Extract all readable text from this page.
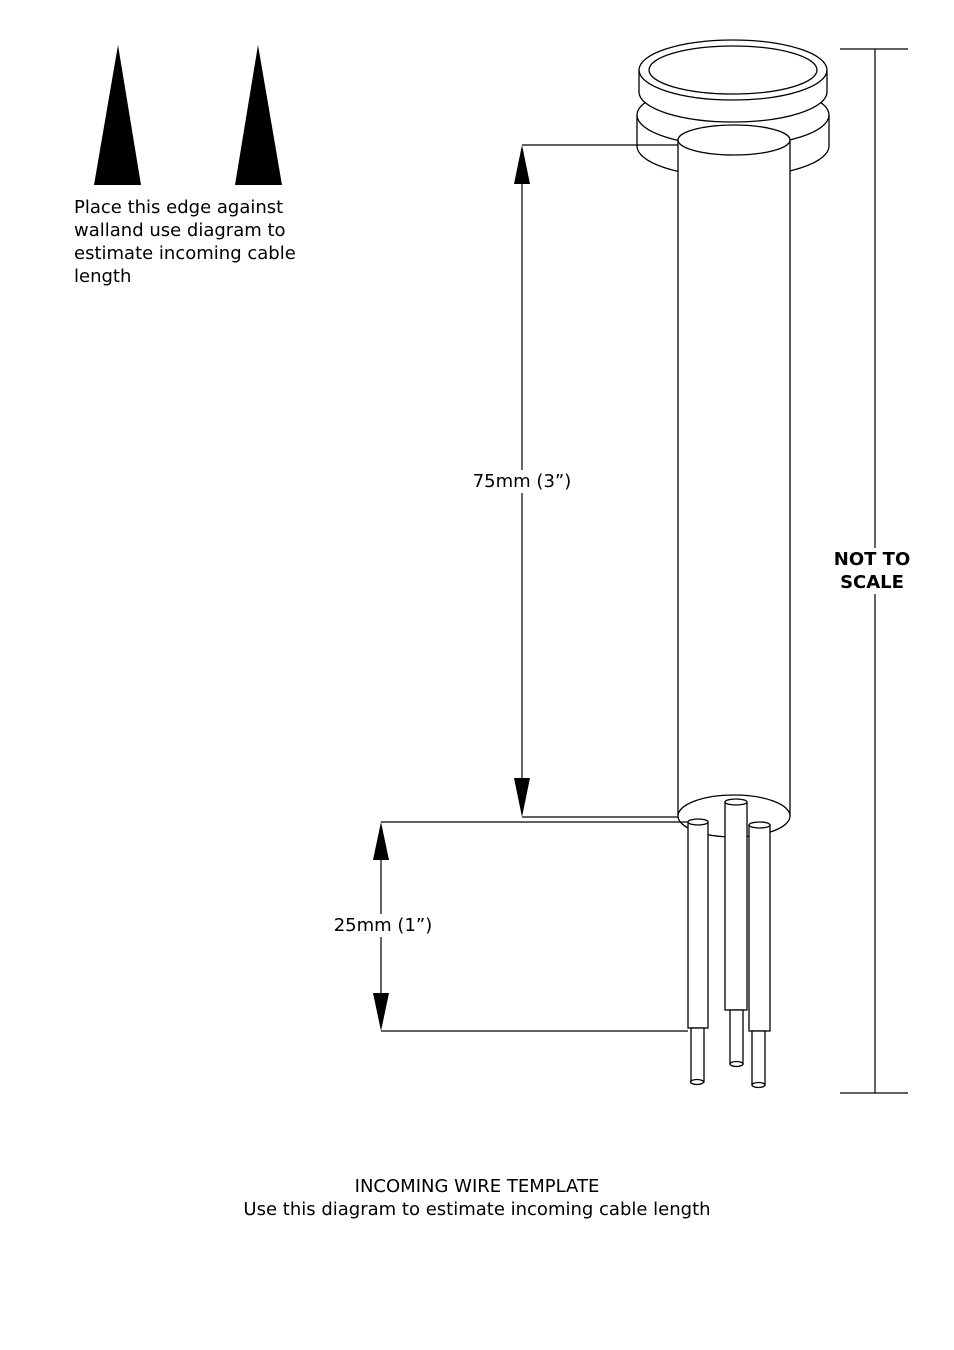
Place this edge against
walland use diagram to
estimate incoming cable
length
75mm (3”)
25mm (1”)
NOT TO
SCALE
INCOMING WIRE TEMPLATE
Use this diagram to estimate incoming cable length
